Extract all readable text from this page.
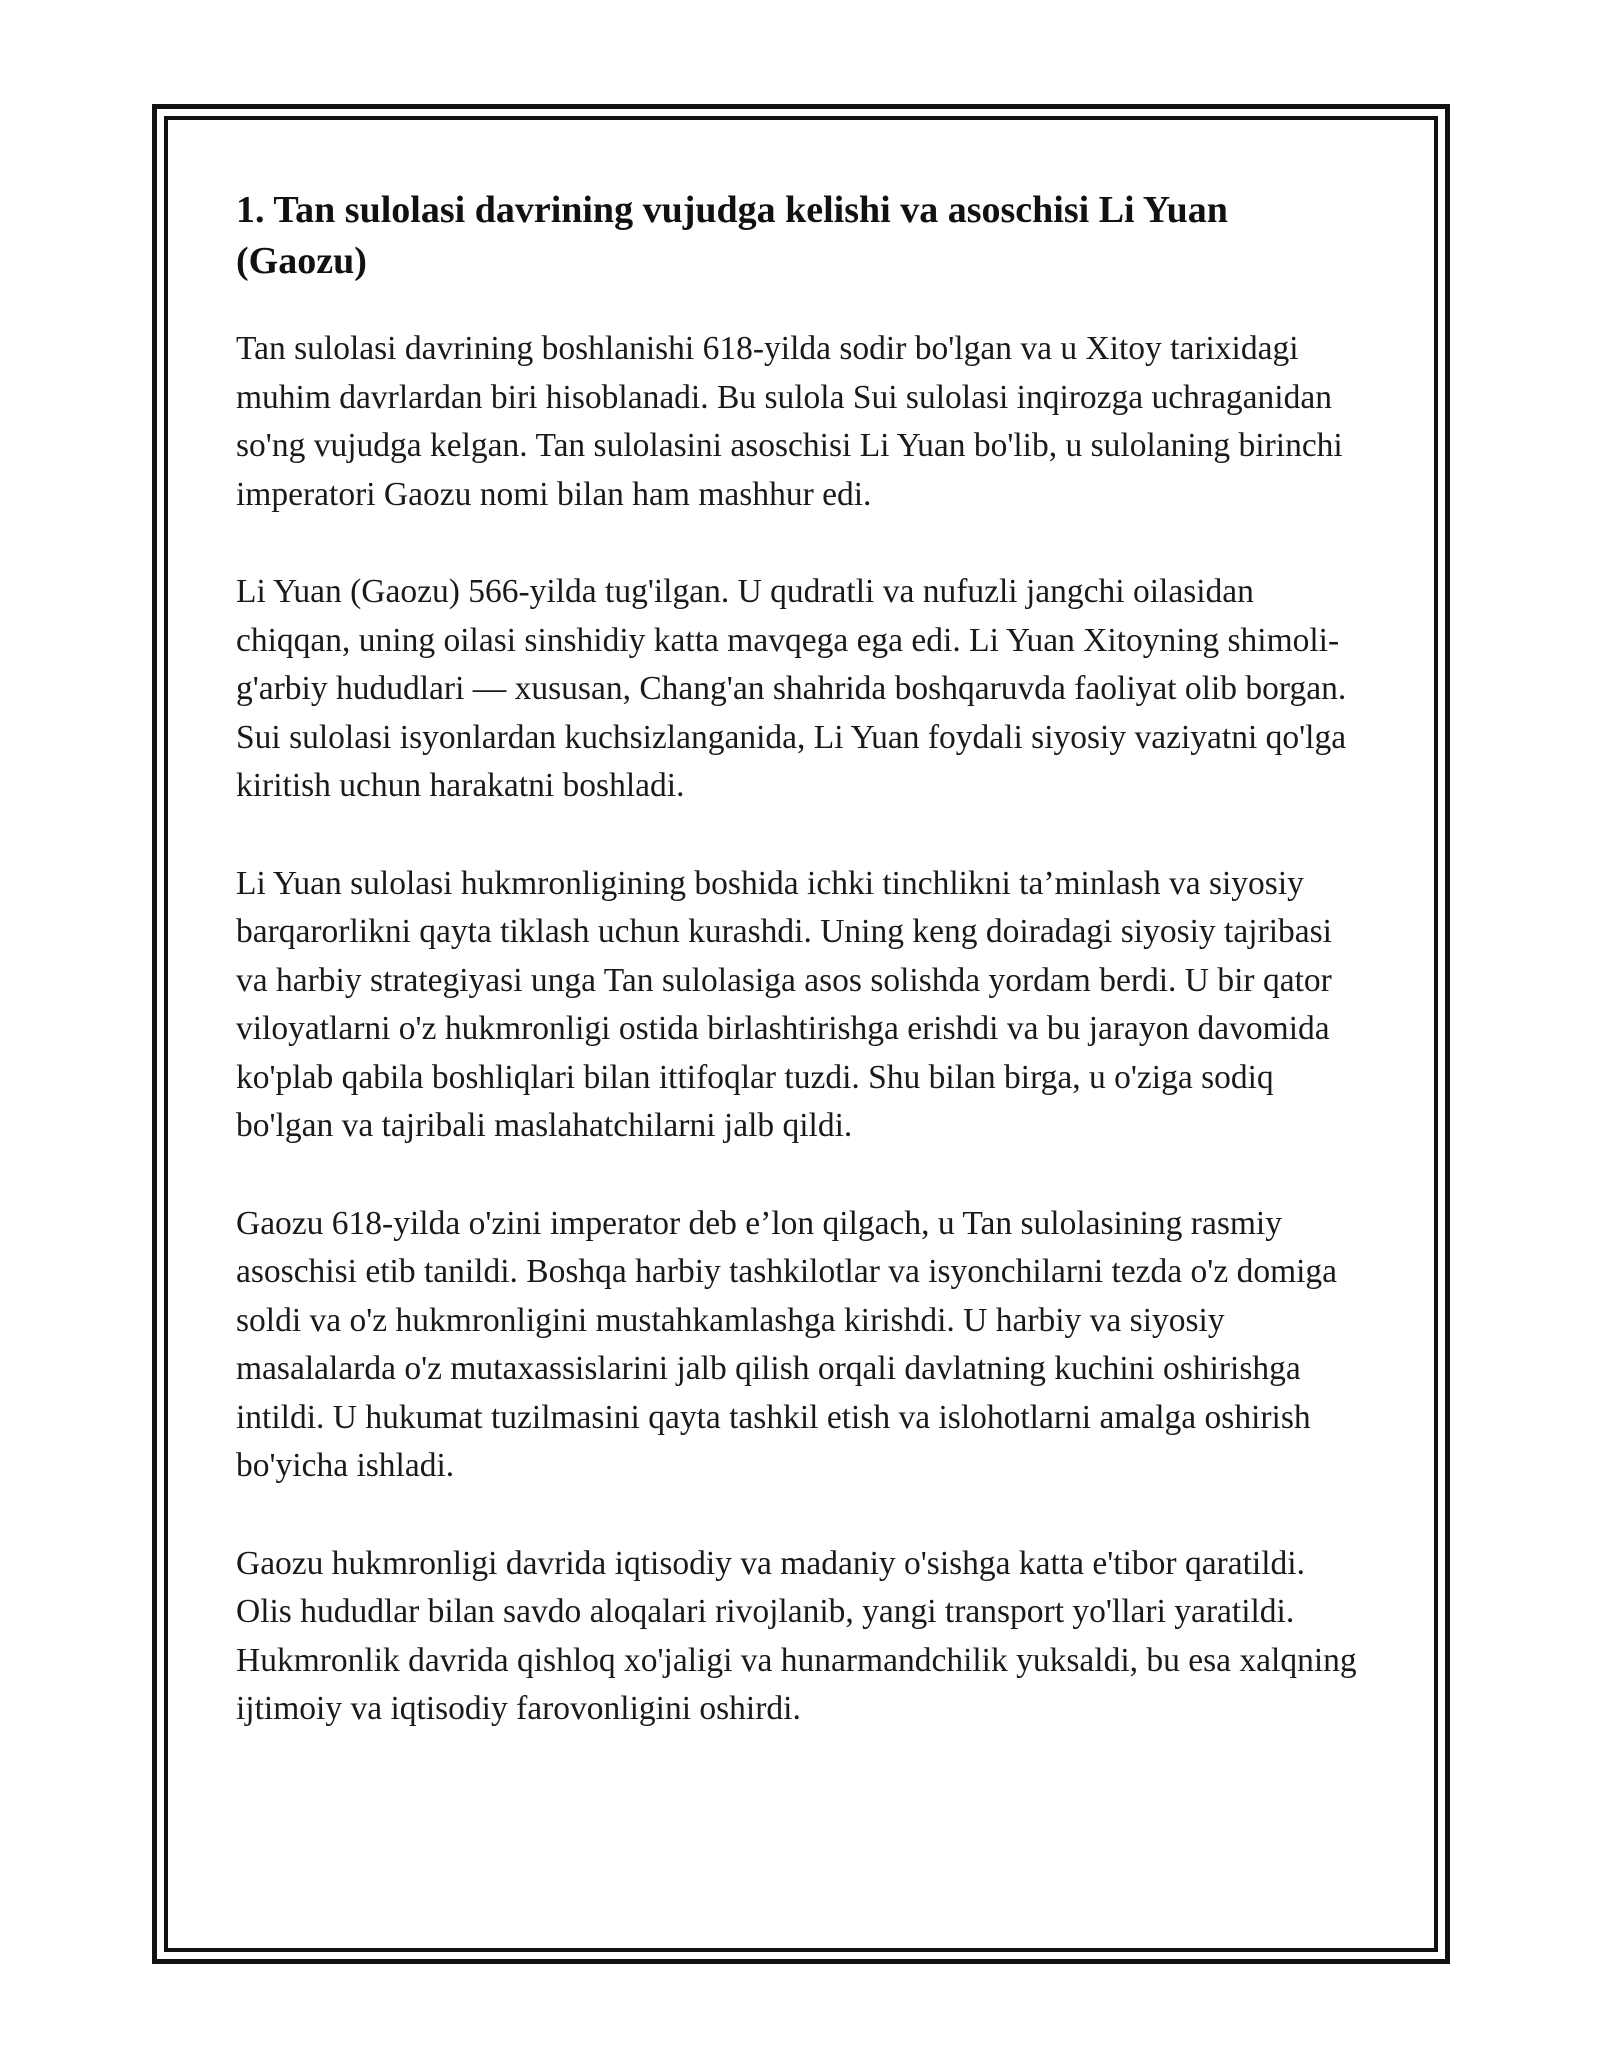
1. Tan sulolasi davrining vujudga kelishi va asoschisi Li Yuan (Gaozu)

Tan sulolasi davrining boshlanishi 618-yilda sodir bo'lgan va u Xitoy tarixidagi muhim davrlardan biri hisoblanadi. Bu sulola Sui sulolasi inqirozga uchraganidan so'ng vujudga kelgan. Tan sulolasini asoschisi Li Yuan bo'lib, u sulolaning birinchi imperatori Gaozu nomi bilan ham mashhur edi.

Li Yuan (Gaozu) 566-yilda tug'ilgan. U qudratli va nufuzli jangchi oilasidan chiqqan, uning oilasi sinshidiy katta mavqega ega edi. Li Yuan Xitoyning shimoli-g'arbiy hududlari — xususan, Chang'an shahrida boshqaruvda faoliyat olib borgan. Sui sulolasi isyonlardan kuchsizlanganida, Li Yuan foydali siyosiy vaziyatni qo'lga kiritish uchun harakatni boshladi.

Li Yuan sulolasi hukmronligining boshida ichki tinchlikni ta’minlash va siyosiy barqarorlikni qayta tiklash uchun kurashdi. Uning keng doiradagi siyosiy tajribasi va harbiy strategiyasi unga Tan sulolasiga asos solishda yordam berdi. U bir qator viloyatlarni o'z hukmronligi ostida birlashtirishga erishdi va bu jarayon davomida ko'plab qabila boshliqlari bilan ittifoqlar tuzdi. Shu bilan birga, u o'ziga sodiq bo'lgan va tajribali maslahatchilarni jalb qildi.

Gaozu 618-yilda o'zini imperator deb e’lon qilgach, u Tan sulolasining rasmiy asoschisi etib tanildi. Boshqa harbiy tashkilotlar va isyonchilarni tezda o'z domiga soldi va o'z hukmronligini mustahkamlashga kirishdi. U harbiy va siyosiy masalalarda o'z mutaxassislarini jalb qilish orqali davlatning kuchini oshirishga intildi. U hukumat tuzilmasini qayta tashkil etish va islohotlarni amalga oshirish bo'yicha ishladi.

Gaozu hukmronligi davrida iqtisodiy va madaniy o'sishga katta e'tibor qaratildi. Olis hududlar bilan savdo aloqalari rivojlanib, yangi transport yo'llari yaratildi. Hukmronlik davrida qishloq xo'jaligi va hunarmandchilik yuksaldi, bu esa xalqning ijtimoiy va iqtisodiy farovonligini oshirdi.
